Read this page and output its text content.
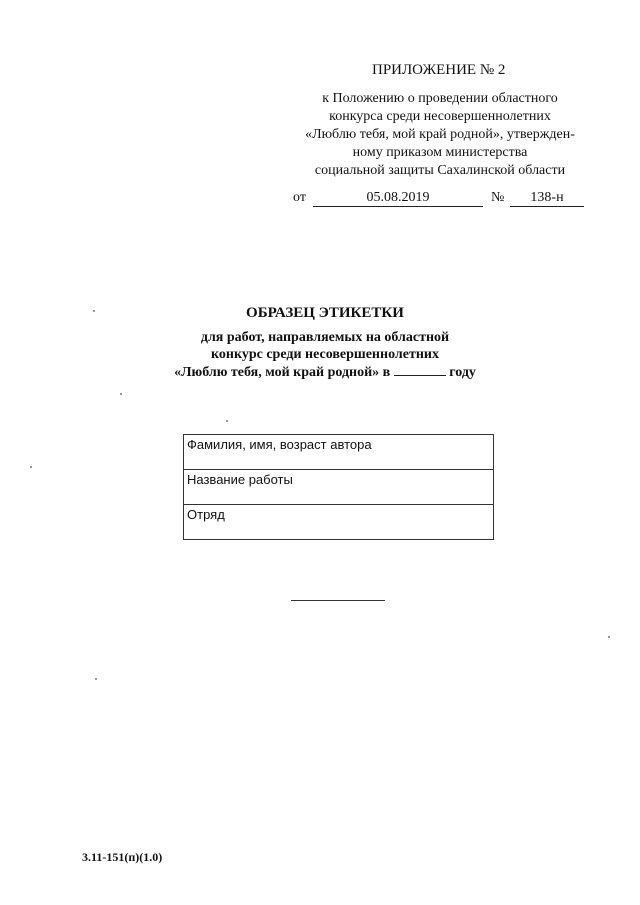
ПРИЛОЖЕНИЕ № 2
к Положению о проведении областного
конкурса среди несовершеннолетних
«Люблю тебя, мой край родной», утвержден-
ному приказом министерства
социальной защиты Сахалинской области
от	05.08.2019	№	138-н
ОБРАЗЕЦ ЭТИКЕТКИ
для работ, направляемых на областной
конкурс среди несовершеннолетних
«Люблю тебя, мой край родной» в	году
Фамилия, имя, возраст автора
Название работы
Отряд
3.11-151(п)(1.0)
